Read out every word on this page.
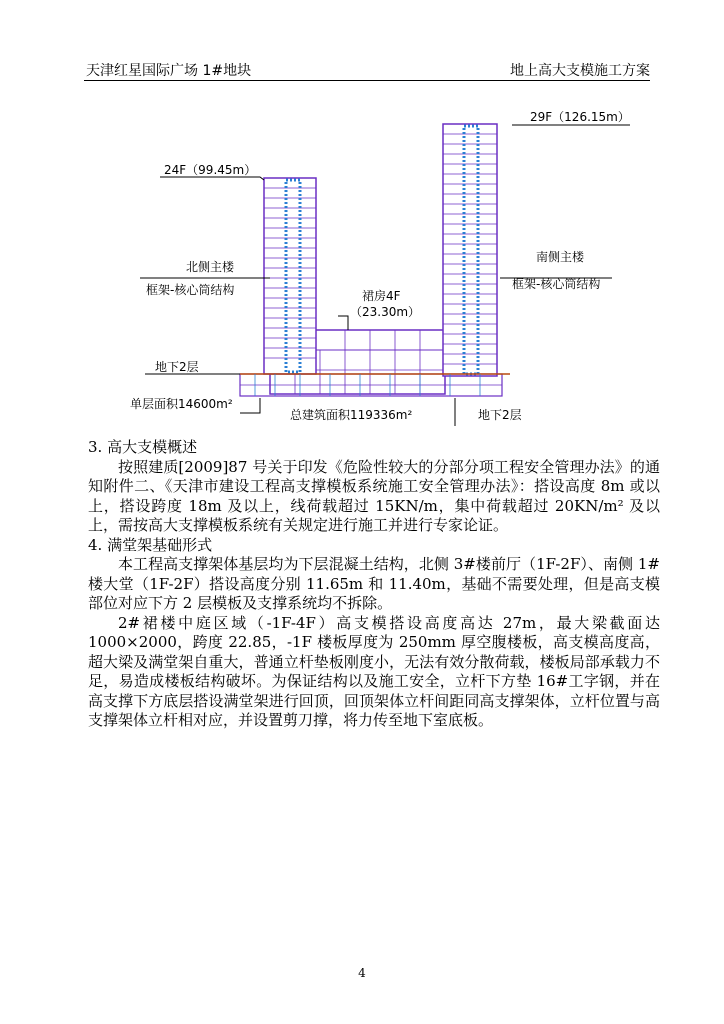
天津红星国际广场 1#地块	地上高大支模施工方案
29F（126.15m）
24F（99.45m）
北侧主楼
框架-核心筒结构
南侧主楼
框架-核心筒结构
裙房4F
（23.30m）
地下2层
单层面积14600m²
总建筑面积119336m²	地下2层

3. 高大支模概述

按照建质[2009]87 号关于印发《危险性较大的分部分项工程安全管理办法》的通知附件二、《天津市建设工程高支撑模板系统施工安全管理办法》：搭设高度 8m 或以上，搭设跨度 18m 及以上，线荷载超过 15KN/m，集中荷载超过 20KN/m² 及以上，需按高大支撑模板系统有关规定进行施工并进行专家论证。

4. 满堂架基础形式

本工程高支撑架体基层均为下层混凝土结构，北侧 3#楼前厅（1F-2F）、南侧 1#楼大堂（1F-2F）搭设高度分别 11.65m 和 11.40m，基础不需要处理，但是高支模部位对应下方 2 层模板及支撑系统均不拆除。

2#裙楼中庭区域（-1F-4F）高支模搭设高度高达 27m，最大梁截面达 1000×2000，跨度 22.85，-1F 楼板厚度为 250mm 厚空腹楼板，高支模高度高，超大梁及满堂架自重大，普通立杆垫板刚度小，无法有效分散荷载，楼板局部承载力不足，易造成楼板结构破坏。为保证结构以及施工安全，立杆下方垫 16#工字钢，并在高支撑下方底层搭设满堂架进行回顶，回顶架体立杆间距同高支撑架体，立杆位置与高支撑架体立杆相对应，并设置剪刀撑，将力传至地下室底板。

4
